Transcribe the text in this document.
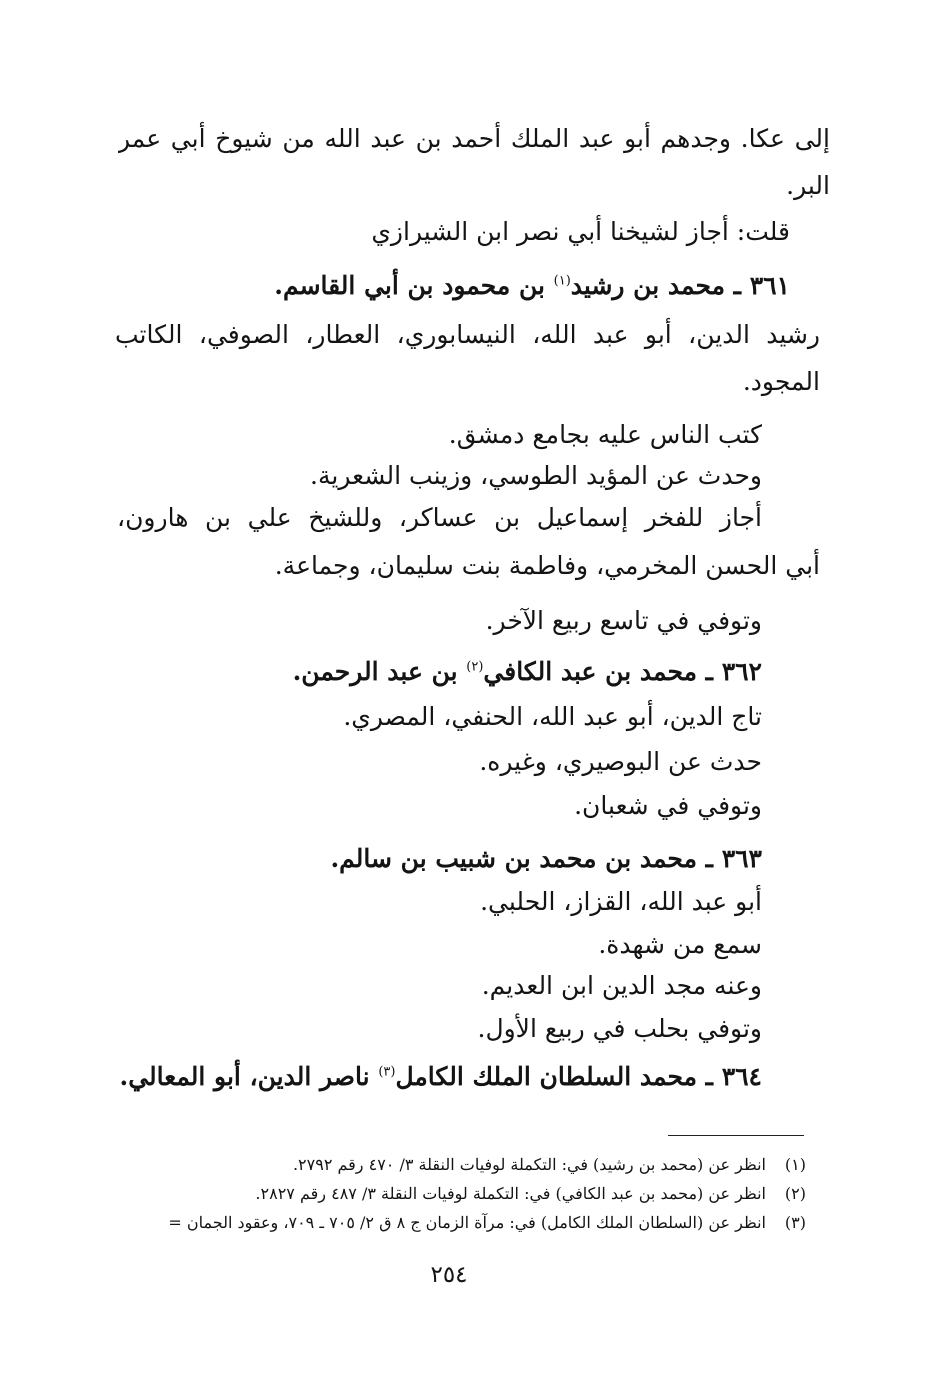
إلى عكا. وجدهم أبو عبد الملك أحمد بن عبد الله من شيوخ أبي عمر
البر.
قلت: أجاز لشيخنا أبي نصر ابن الشيرازي
٣٦١ ـ محمد بن رشيد$^{(١)}$ بن محمود بن أبي القاسم.
رشيد الدين، أبو عبد الله، النيسابوري، العطار، الصوفي، الكاتب
المجود.
كتب الناس عليه بجامع دمشق.
وحدث عن المؤيد الطوسي، وزينب الشعرية.
أجاز للفخر إسماعيل بن عساكر، وللشيخ علي بن هارون،
أبي الحسن المخرمي، وفاطمة بنت سليمان، وجماعة.
وتوفي في تاسع ربيع الآخر.
٣٦٢ ـ محمد بن عبد الكافي$^{(٢)}$ بن عبد الرحمن.
تاج الدين، أبو عبد الله، الحنفي، المصري.
حدث عن البوصيري، وغيره.
وتوفي في شعبان.
٣٦٣ ـ محمد بن محمد بن شبيب بن سالم.
أبو عبد الله، القزاز، الحلبي.
سمع من شهدة.
وعنه مجد الدين ابن العديم.
وتوفي بحلب في ربيع الأول.
٣٦٤ ـ محمد السلطان الملك الكامل$^{(٣)}$ ناصر الدين، أبو المعالي.
(١)انظر عن (محمد بن رشيد) في: التكملة لوفيات النقلة ٣/ ٤٧٠ رقم ٢٧٩٢.
(٢)انظر عن (محمد بن عبد الكافي) في: التكملة لوفيات النقلة ٣/ ٤٨٧ رقم ٢٨٢٧.
(٣)انظر عن (السلطان الملك الكامل) في: مرآة الزمان ج ٨ ق ٢/ ٧٠٥ ـ ٧٠٩، وعقود الجمان =
٢٥٤
